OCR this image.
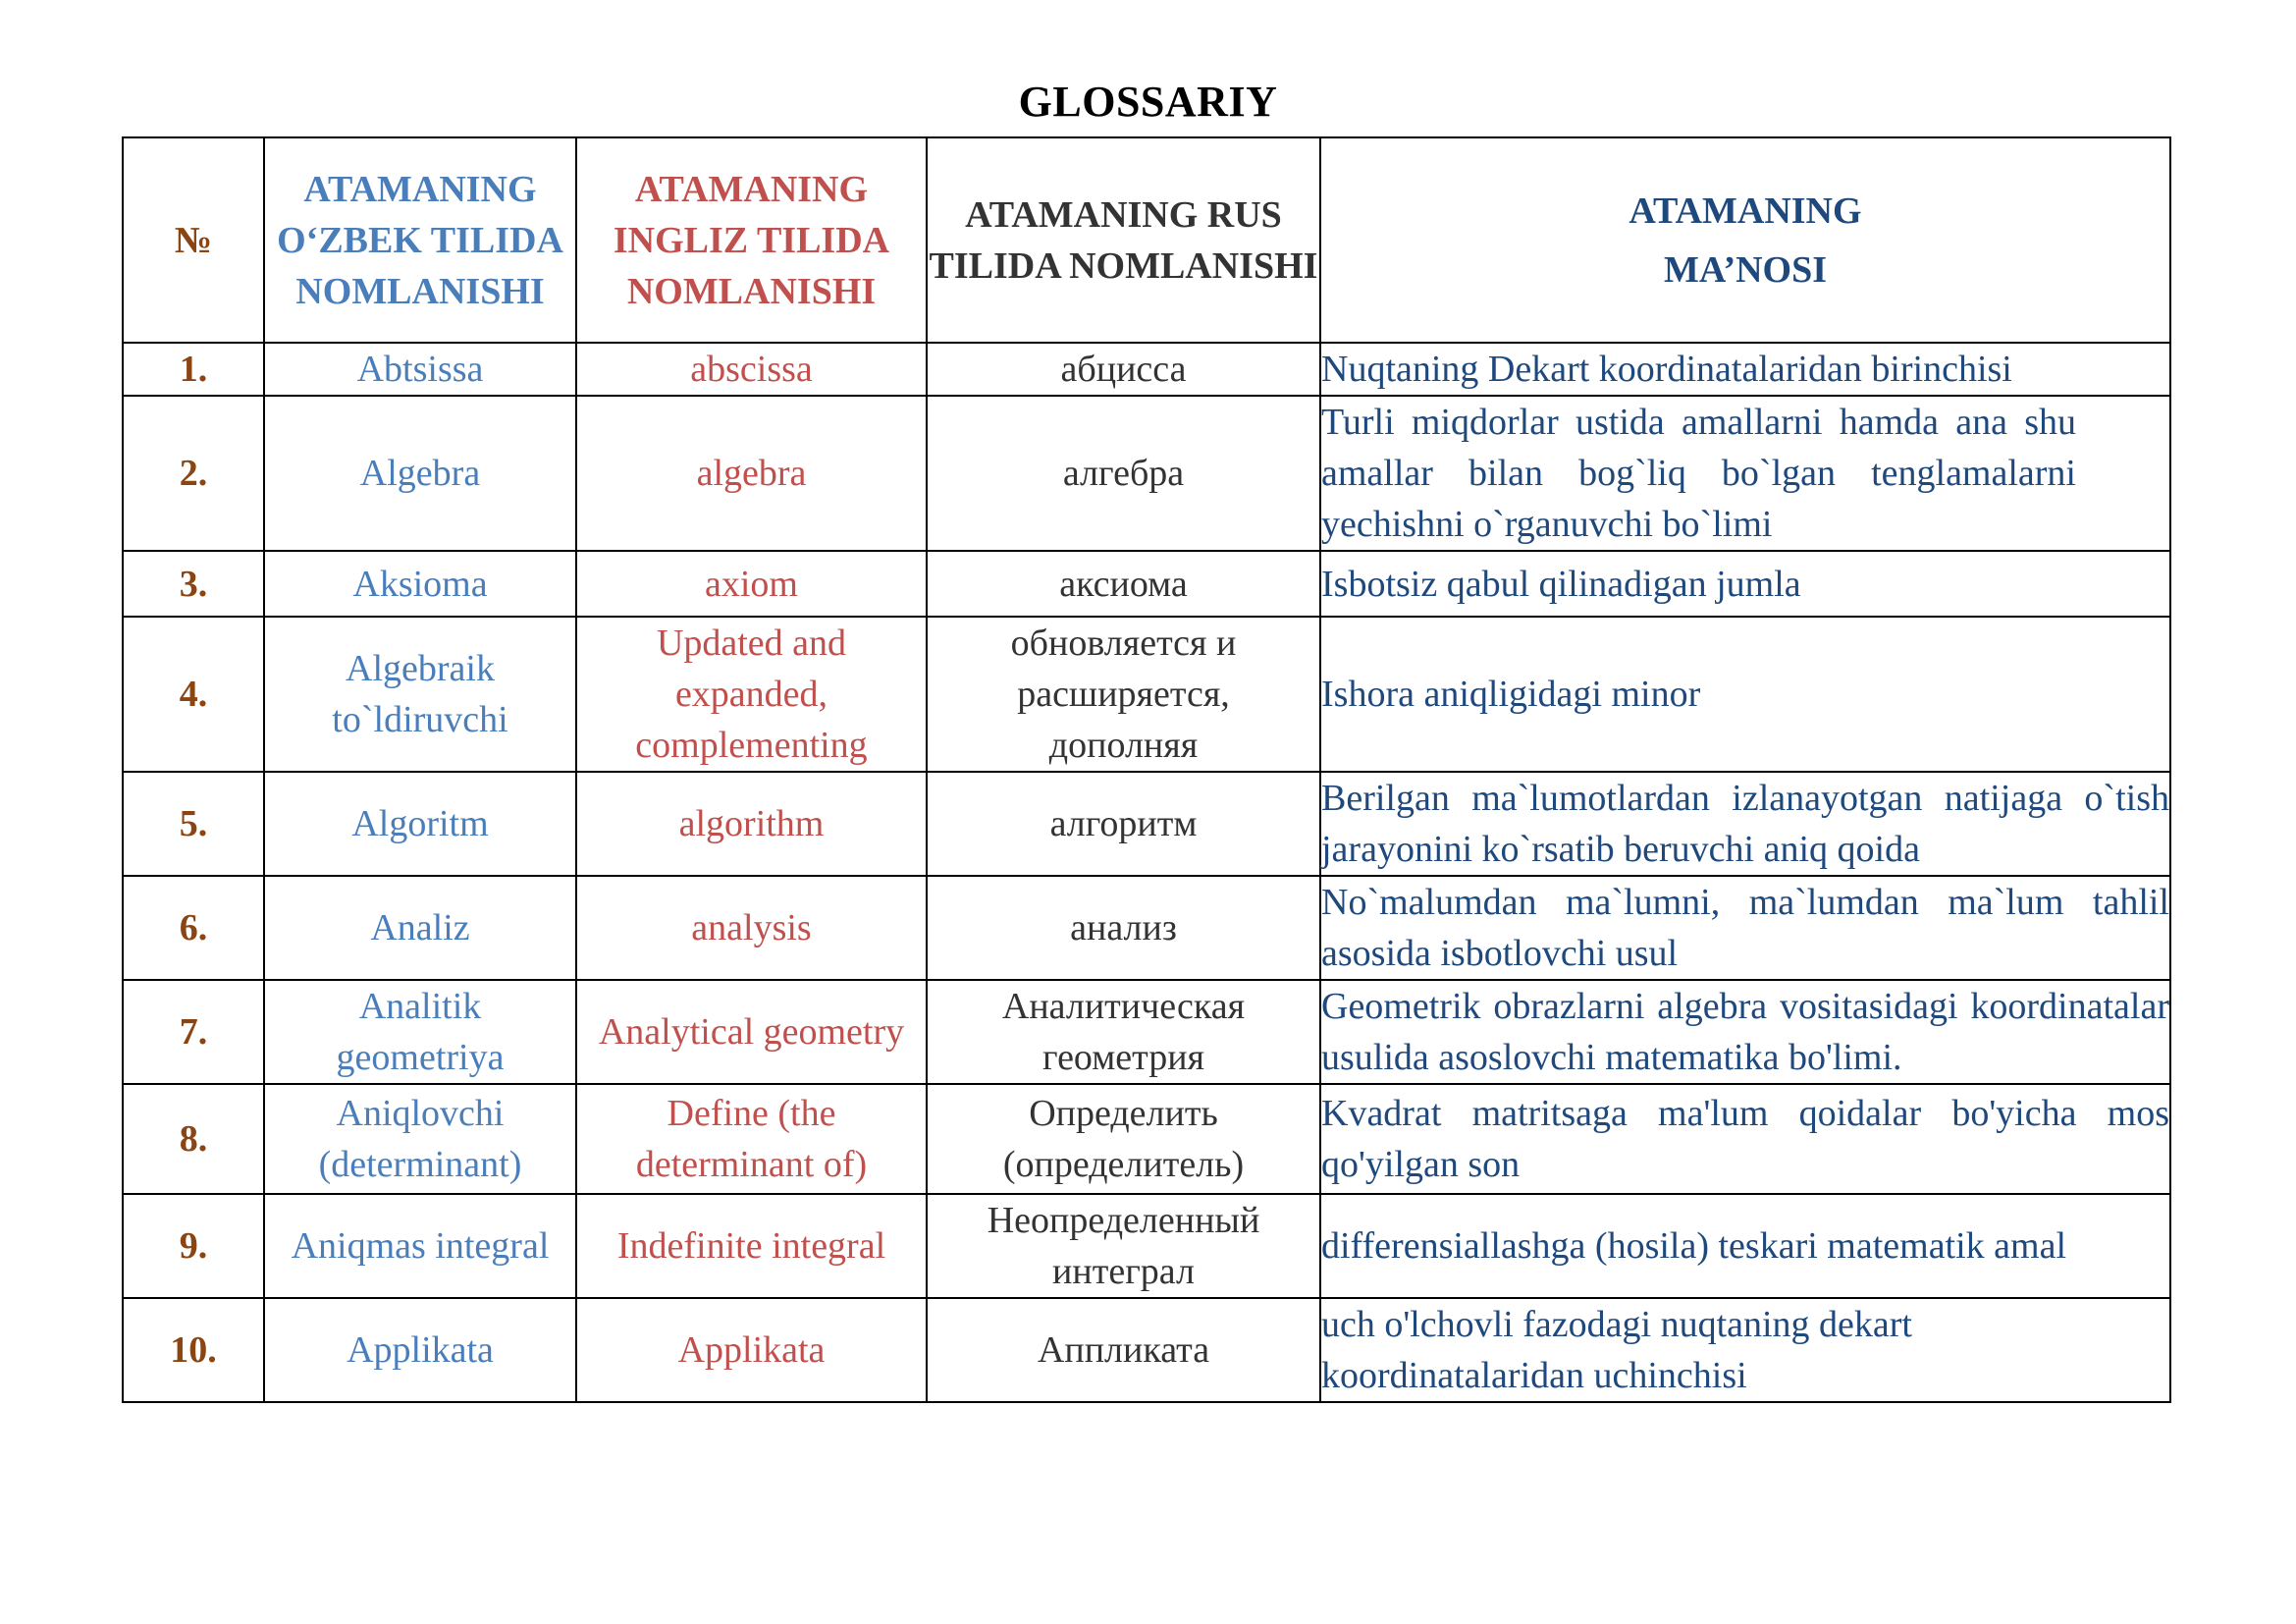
GLOSSARIY
№	ATAMANING O‘ZBEK TILIDA NOMLANISHI	ATAMANING INGLIZ TILIDA NOMLANISHI	ATAMANING RUS TILIDA NOMLANISHI	ATAMANING MA’NOSI
1.	Abtsissa	abscissa	абцисса	Nuqtaning Dekart koordinatalaridan birinchisi
2.	Algebra	algebra	алгебра	Turli miqdorlar ustida amallarni hamda ana shu amallar bilan bog`liq bo`lgan tenglamalarni yechishni o`rganuvchi bo`limi
3.	Aksioma	axiom	аксиома	Isbotsiz qabul qilinadigan jumla
4.	Algebraik to`ldiruvchi	Updated and expanded, complementing	обновляется и расширяется, дополняя	Ishora aniqligidagi minor
5.	Algoritm	algorithm	алгоритм	Berilgan ma`lumotlardan izlanayotgan natijaga o`tish jarayonini ko`rsatib beruvchi aniq qoida
6.	Analiz	analysis	анализ	No`malumdan ma`lumni, ma`lumdan ma`lum tahlil asosida isbotlovchi usul
7.	Analitik geometriya	Analytical geometry	Аналитическая геометрия	Geometrik obrazlarni algebra vositasidagi koordinatalar usulida asoslovchi matematika bo'limi.
8.	Aniqlovchi (determinant)	Define (the determinant of)	Определить (определитель)	Kvadrat matritsaga ma'lum qoidalar bo'yicha mos qo'yilgan son
9.	Aniqmas integral	Indefinite integral	Неопределенный интеграл	differensiallashga (hosila) teskari matematik amal
10.	Applikata	Applikata	Аппликата	uch o'lchovli fazodagi nuqtaning dekart koordinatalaridan uchinchisi
